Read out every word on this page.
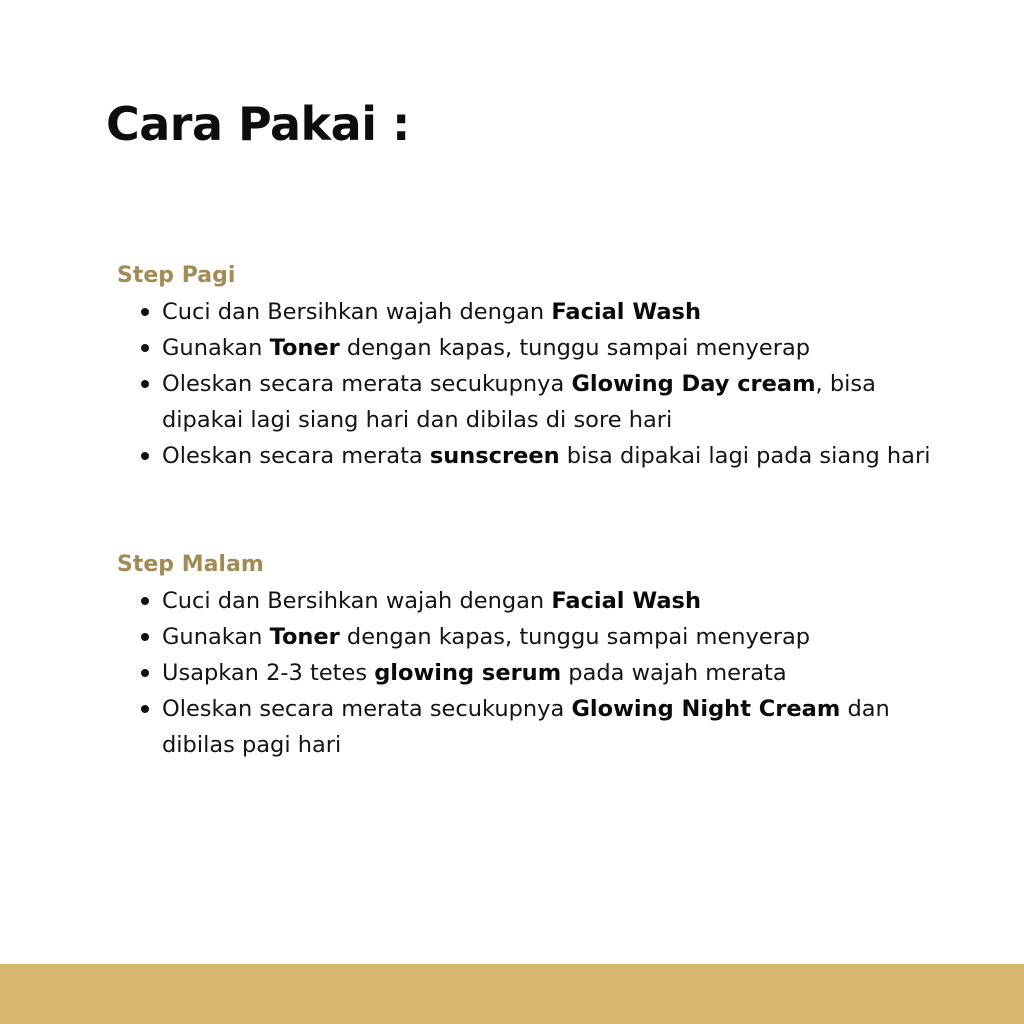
Cara Pakai :
Step Pagi
Cuci dan Bersihkan wajah dengan Facial Wash
Gunakan Toner dengan kapas, tunggu sampai menyerap
Oleskan secara merata secukupnya Glowing Day cream, bisa dipakai lagi siang hari dan dibilas di sore hari
Oleskan secara merata sunscreen bisa dipakai lagi pada siang hari
Step Malam
Cuci dan Bersihkan wajah dengan Facial Wash
Gunakan Toner dengan kapas, tunggu sampai menyerap
Usapkan 2-3 tetes glowing serum pada wajah merata
Oleskan secara merata secukupnya Glowing Night Cream dan dibilas pagi hari
